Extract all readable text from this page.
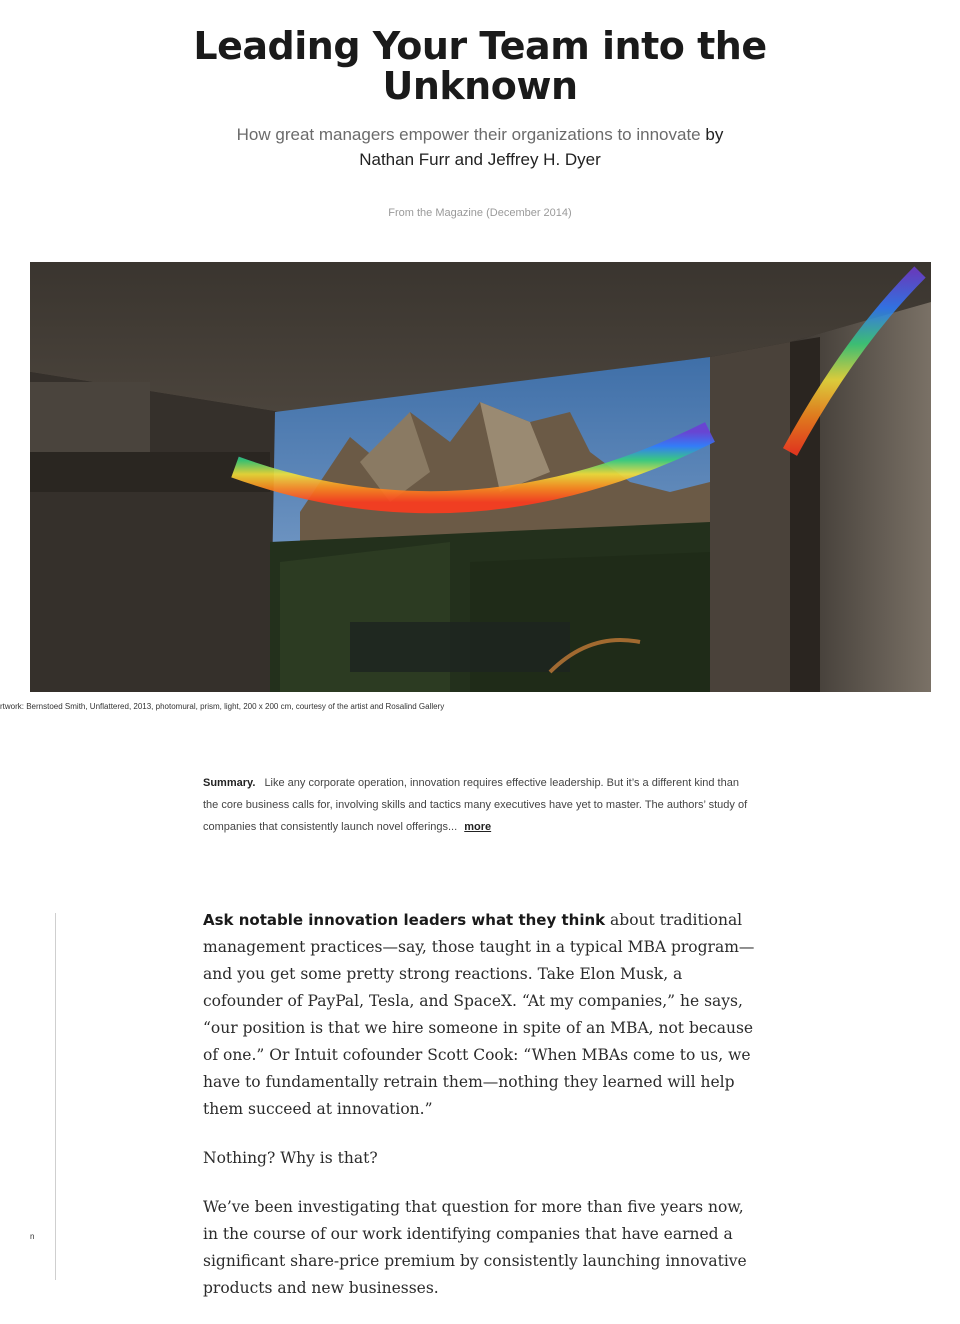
Leading Your Team into the Unknown

How great managers empower their organizations to innovate by
Nathan Furr and Jeffrey H. Dyer

From the Magazine (December 2014)
rtwork: Bernstoed Smith, Unflattered, 2013, photomural, prism, light, 200 x 200 cm, courtesy of the artist and Rosalind Gallery
Summary. Like any corporate operation, innovation requires effective leadership. But it’s a different kind than the core business calls for, involving skills and tactics many executives have yet to master. The authors’ study of companies that consistently launch novel offerings... more
n

Ask notable innovation leaders what they think about traditional management practices—say, those taught in a typical MBA program—and you get some pretty strong reactions. Take Elon Musk, a cofounder of PayPal, Tesla, and SpaceX. “At my companies,” he says, “our position is that we hire someone in spite of an MBA, not because of one.” Or Intuit cofounder Scott Cook: “When MBAs come to us, we have to fundamentally retrain them—nothing they learned will help them succeed at innovation.”

Nothing? Why is that?

We’ve been investigating that question for more than five years now, in the course of our work identifying companies that have earned a significant share-price premium by consistently launching innovative products and new businesses.
